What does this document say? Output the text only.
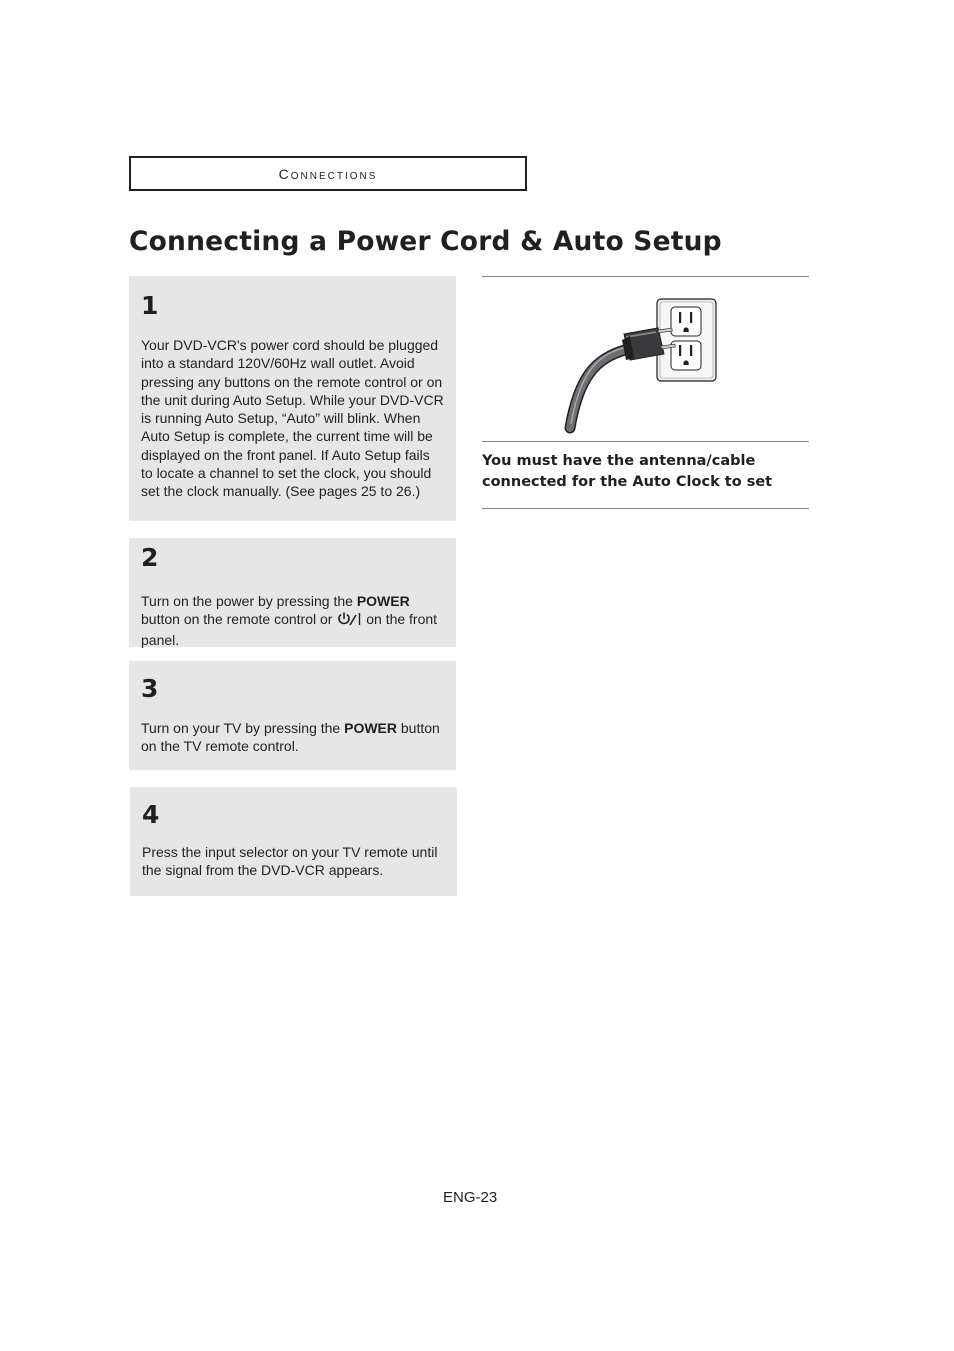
Connections
Connecting a Power Cord & Auto Setup
1

Your DVD-VCR's power cord should be plugged into a standard 120V/60Hz wall outlet. Avoid pressing any buttons on the remote control or on the unit during Auto Setup. While your DVD-VCR is running Auto Setup, “Auto” will blink. When Auto Setup is complete, the current time will be displayed on the front panel. If Auto Setup fails to locate a channel to set the clock, you should set the clock manually. (See pages 25 to 26.)

2

Turn on the power by pressing the POWER button on the remote control or  on the front panel.

3

Turn on your TV by pressing the POWER button on the TV remote control.

4

Press the input selector on your TV remote until the signal from the DVD-VCR appears.

You must have the antenna/cable
connected for the Auto Clock to set
ENG-23
